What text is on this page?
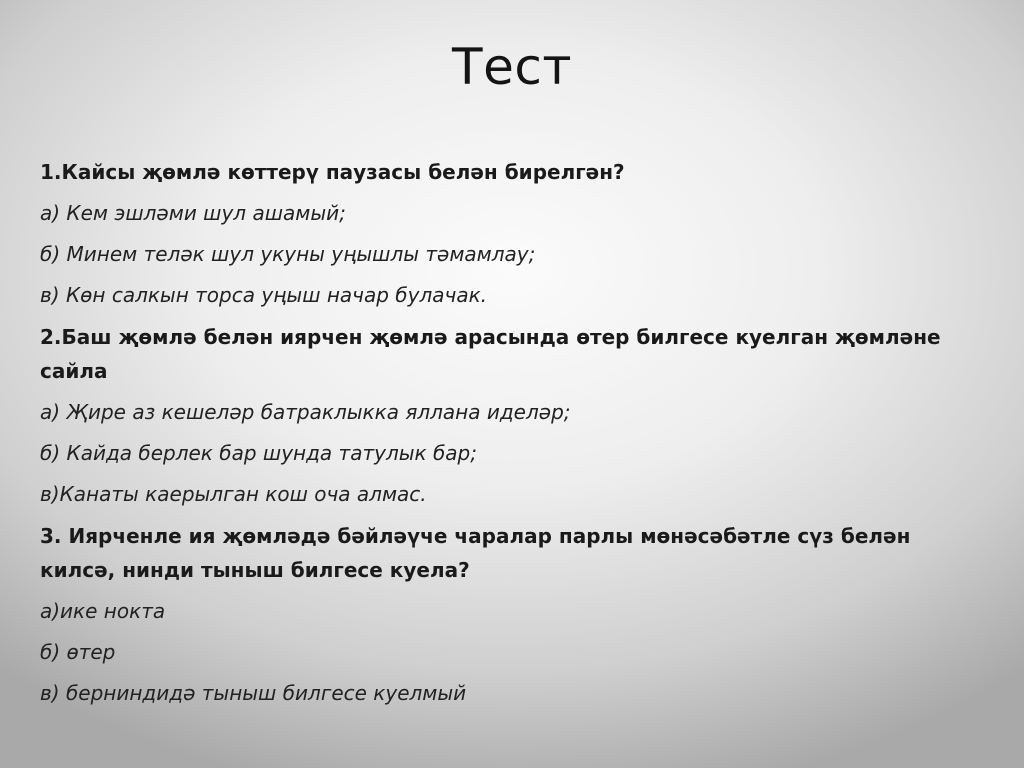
Тест

1.Кайсы җөмлә көттерү паузасы белән бирелгән?

а) Кем эшләми шул ашамый;

б) Минем теләк шул укуны уңышлы тәмамлау;

в) Көн салкын торса уңыш начар булачак.

2.Баш җөмлә белән иярчен җөмлә арасында өтер билгесе куелган җөмләне сайла

а) Җире аз кешеләр батраклыкка яллана иделәр;

б) Кайда берлек бар шунда татулык бар;

в)Канаты каерылган кош оча алмас.

3. Иярченле ия җөмләдә бәйләүче чаралар парлы мөнәсәбәтле сүз белән килсә, нинди тыныш билгесе куела?

а)ике нокта

б) өтер

в) берниндидә тыныш билгесе куелмый
